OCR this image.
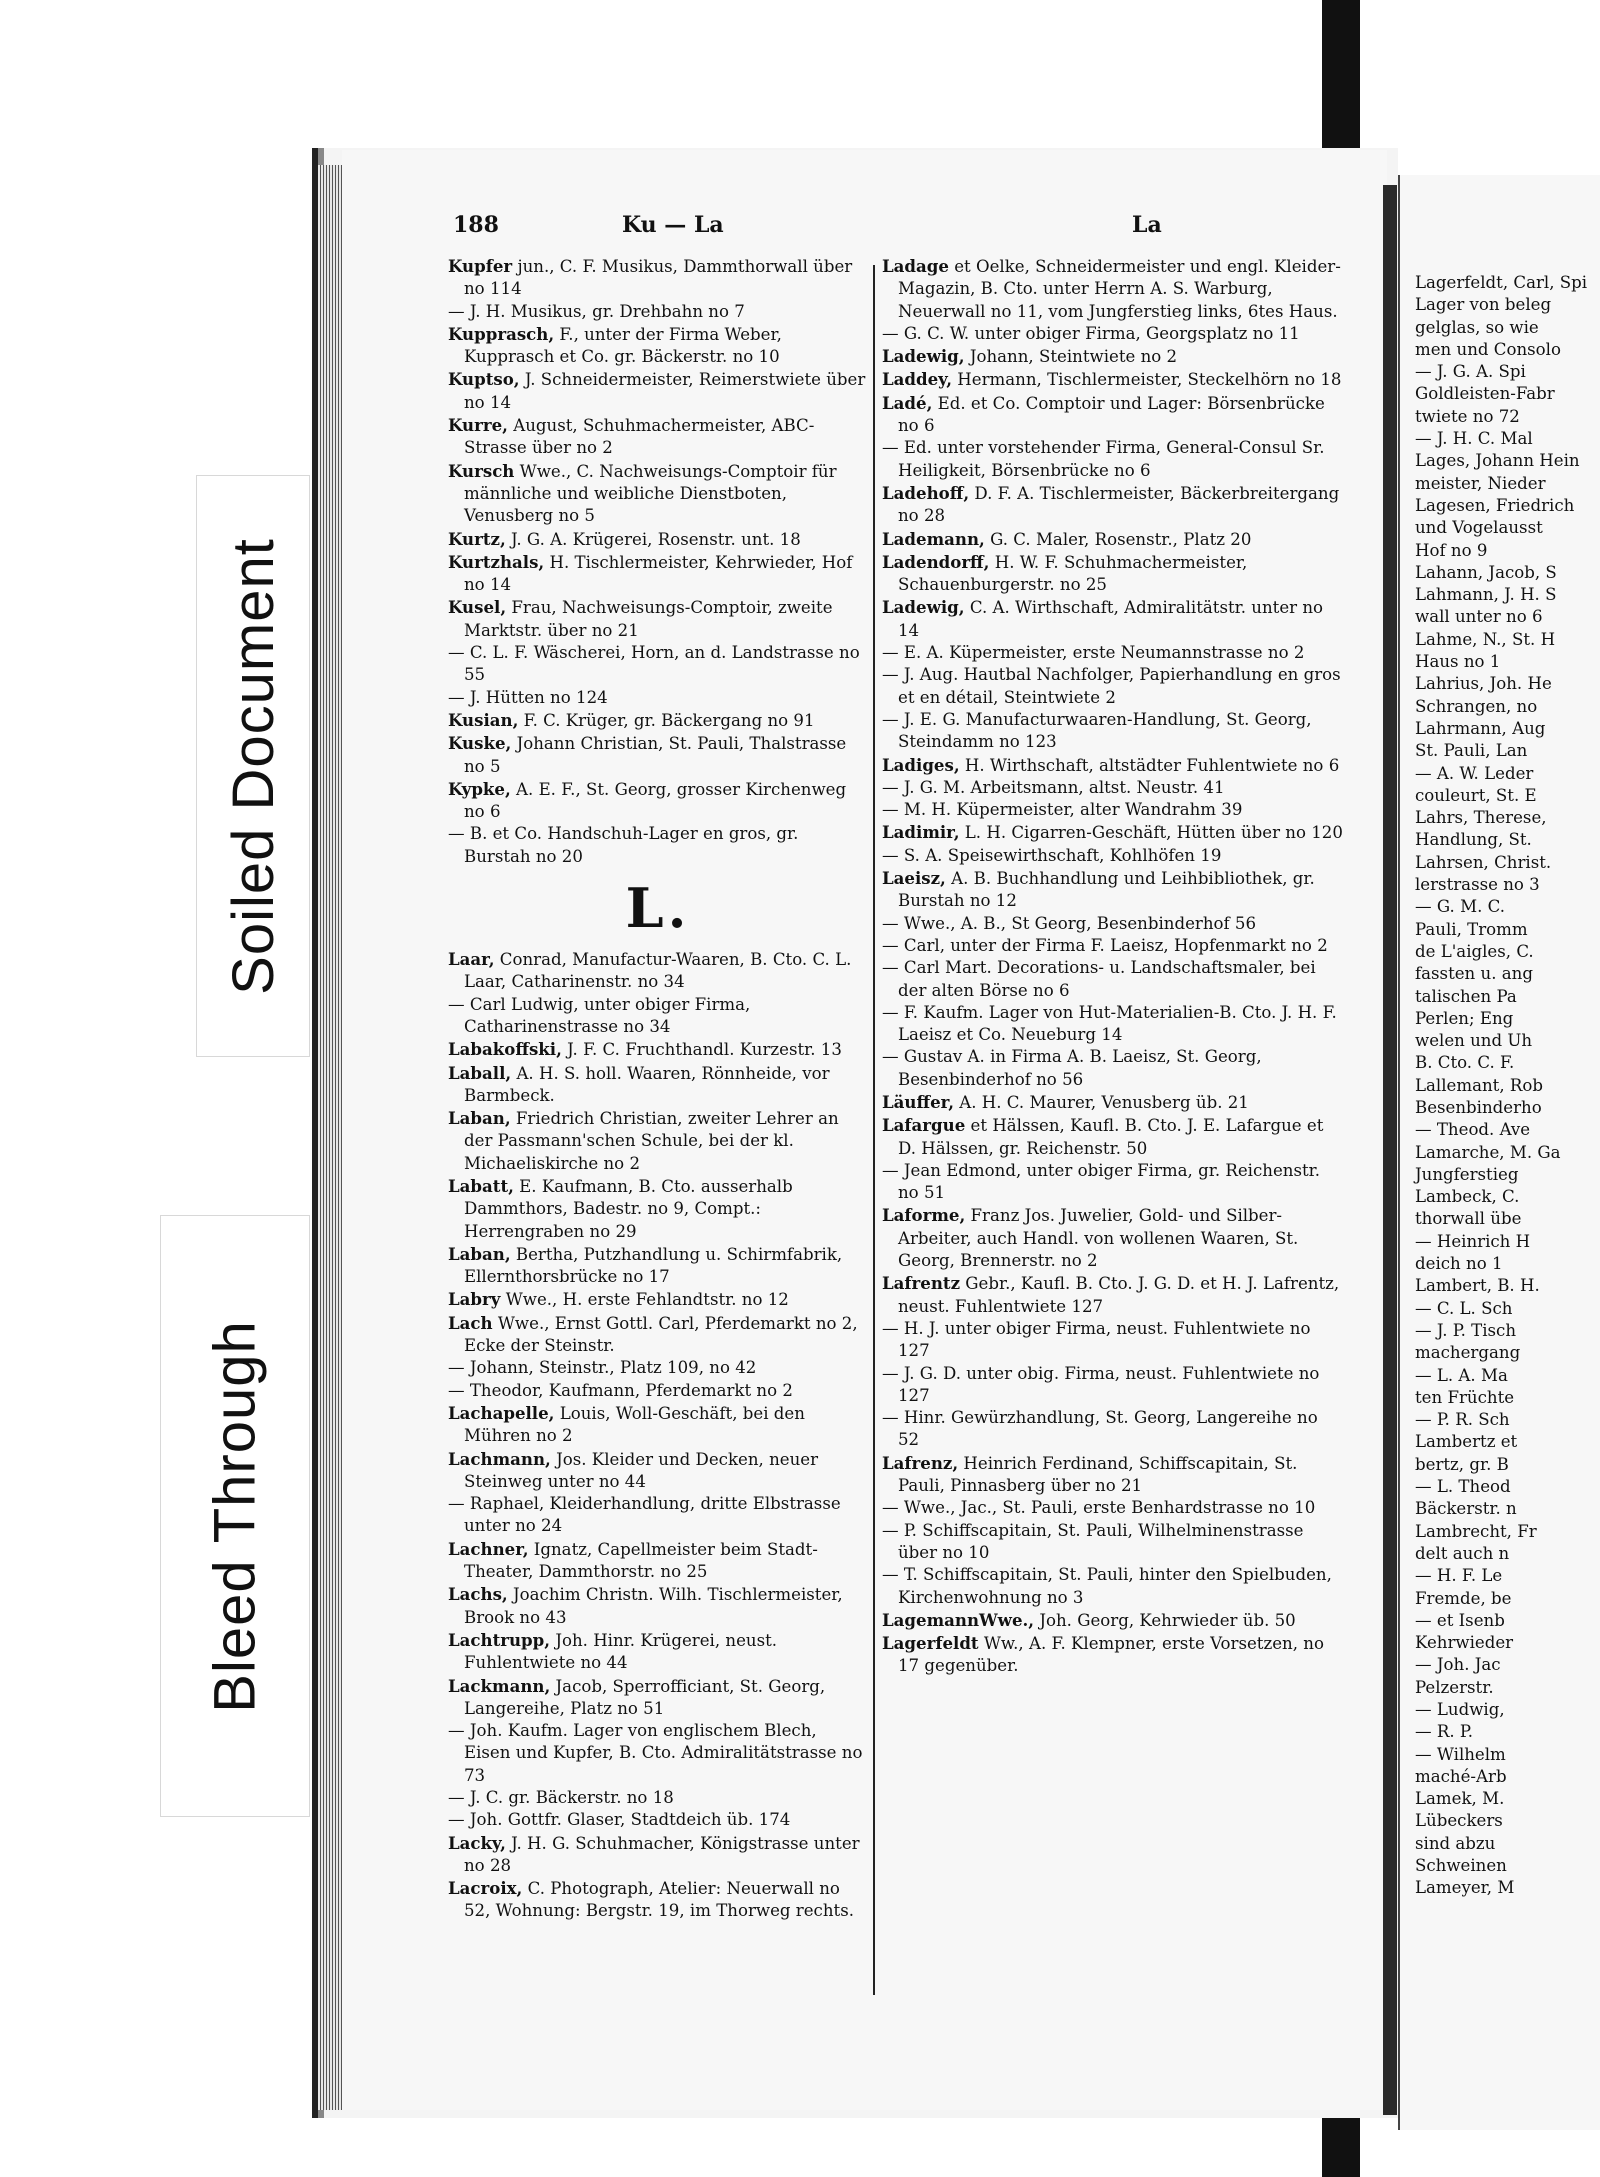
Soiled Document
Bleed Through
188	Ku — La	La
Kupfer jun., C. F. Musikus, Dammthorwall über no 114
— J. H. Musikus, gr. Drehbahn no 7
Kupprasch, F., unter der Firma Weber, Kupprasch et Co. gr. Bäckerstr. no 10
Kuptso, J. Schneidermeister, Reimerstwiete über no 14
Kurre, August, Schuhmachermeister, ABC-Strasse über no 2
Kursch Wwe., C. Nachweisungs-Comptoir für männliche und weibliche Dienstboten, Venusberg no 5
Kurtz, J. G. A. Krügerei, Rosenstr. unt. 18
Kurtzhals, H. Tischlermeister, Kehrwieder, Hof no 14
Kusel, Frau, Nachweisungs-Comptoir, zweite Marktstr. über no 21
— C. L. F. Wäscherei, Horn, an d. Landstrasse no 55
— J. Hütten no 124
Kusian, F. C. Krüger, gr. Bäckergang no 91
Kuske, Johann Christian, St. Pauli, Thalstrasse no 5
Kypke, A. E. F., St. Georg, grosser Kirchenweg no 6
— B. et Co. Handschuh-Lager en gros, gr. Burstah no 20
L.
Laar, Conrad, Manufactur-Waaren, B. Cto. C. L. Laar, Catharinenstr. no 34
— Carl Ludwig, unter obiger Firma, Catharinenstrasse no 34
Labakoffski, J. F. C. Fruchthandl. Kurzestr. 13
Laball, A. H. S. holl. Waaren, Rönnheide, vor Barmbeck.
Laban, Friedrich Christian, zweiter Lehrer an der Passmann'schen Schule, bei der kl. Michaeliskirche no 2
Labatt, E. Kaufmann, B. Cto. ausserhalb Dammthors, Badestr. no 9, Compt.: Herrengraben no 29
Laban, Bertha, Putzhandlung u. Schirmfabrik, Ellernthorsbrücke no 17
Labry Wwe., H. erste Fehlandtstr. no 12
Lach Wwe., Ernst Gottl. Carl, Pferdemarkt no 2, Ecke der Steinstr.
— Johann, Steinstr., Platz 109, no 42
— Theodor, Kaufmann, Pferdemarkt no 2
Lachapelle, Louis, Woll-Geschäft, bei den Mühren no 2
Lachmann, Jos. Kleider und Decken, neuer Steinweg unter no 44
— Raphael, Kleiderhandlung, dritte Elbstrasse unter no 24
Lachner, Ignatz, Capellmeister beim Stadt-Theater, Dammthorstr. no 25
Lachs, Joachim Christn. Wilh. Tischlermeister, Brook no 43
Lachtrupp, Joh. Hinr. Krügerei, neust. Fuhlentwiete no 44
Lackmann, Jacob, Sperrofficiant, St. Georg, Langereihe, Platz no 51
— Joh. Kaufm. Lager von englischem Blech, Eisen und Kupfer, B. Cto. Admiralitätstrasse no 73
— J. C. gr. Bäckerstr. no 18
— Joh. Gottfr. Glaser, Stadtdeich üb. 174
Lacky, J. H. G. Schuhmacher, Königstrasse unter no 28
Lacroix, C. Photograph, Atelier: Neuerwall no 52, Wohnung: Bergstr. 19, im Thorweg rechts.
Ladage et Oelke, Schneidermeister und engl. Kleider-Magazin, B. Cto. unter Herrn A. S. Warburg, Neuerwall no 11, vom Jungferstieg links, 6tes Haus.
— G. C. W. unter obiger Firma, Georgsplatz no 11
Ladewig, Johann, Steintwiete no 2
Laddey, Hermann, Tischlermeister, Steckelhörn no 18
Ladé, Ed. et Co. Comptoir und Lager: Börsenbrücke no 6
— Ed. unter vorstehender Firma, General-Consul Sr. Heiligkeit, Börsenbrücke no 6
Ladehoff, D. F. A. Tischlermeister, Bäckerbreitergang no 28
Lademann, G. C. Maler, Rosenstr., Platz 20
Ladendorff, H. W. F. Schuhmachermeister, Schauenburgerstr. no 25
Ladewig, C. A. Wirthschaft, Admiralitätstr. unter no 14
— E. A. Küpermeister, erste Neumannstrasse no 2
— J. Aug. Hautbal Nachfolger, Papierhandlung en gros et en détail, Steintwiete 2
— J. E. G. Manufacturwaaren-Handlung, St. Georg, Steindamm no 123
Ladiges, H. Wirthschaft, altstädter Fuhlentwiete no 6
— J. G. M. Arbeitsmann, altst. Neustr. 41
— M. H. Küpermeister, alter Wandrahm 39
Ladimir, L. H. Cigarren-Geschäft, Hütten über no 120
— S. A. Speisewirthschaft, Kohlhöfen 19
Laeisz, A. B. Buchhandlung und Leihbibliothek, gr. Burstah no 12
— Wwe., A. B., St Georg, Besenbinderhof 56
— Carl, unter der Firma F. Laeisz, Hopfenmarkt no 2
— Carl Mart. Decorations- u. Landschaftsmaler, bei der alten Börse no 6
— F. Kaufm. Lager von Hut-Materialien-B. Cto. J. H. F. Laeisz et Co. Neueburg 14
— Gustav A. in Firma A. B. Laeisz, St. Georg, Besenbinderhof no 56
Läuffer, A. H. C. Maurer, Venusberg üb. 21
Lafargue et Hälssen, Kaufl. B. Cto. J. E. Lafargue et D. Hälssen, gr. Reichenstr. 50
— Jean Edmond, unter obiger Firma, gr. Reichenstr. no 51
Laforme, Franz Jos. Juwelier, Gold- und Silber-Arbeiter, auch Handl. von wollenen Waaren, St. Georg, Brennerstr. no 2
Lafrentz Gebr., Kaufl. B. Cto. J. G. D. et H. J. Lafrentz, neust. Fuhlentwiete 127
— H. J. unter obiger Firma, neust. Fuhlentwiete no 127
— J. G. D. unter obig. Firma, neust. Fuhlentwiete no 127
— Hinr. Gewürzhandlung, St. Georg, Langereihe no 52
Lafrenz, Heinrich Ferdinand, Schiffscapitain, St. Pauli, Pinnasberg über no 21
— Wwe., Jac., St. Pauli, erste Benhardstrasse no 10
— P. Schiffscapitain, St. Pauli, Wilhelminenstrasse über no 10
— T. Schiffscapitain, St. Pauli, hinter den Spielbuden, Kirchenwohnung no 3
LagemannWwe., Joh. Georg, Kehrwieder üb. 50
Lagerfeldt Ww., A. F. Klempner, erste Vorsetzen, no 17 gegenüber.
Lagerfeldt, Carl, Spi
Lager von beleg
gelglas, so wie
men und Consolo
— J. G. A. Spi
Goldleisten-Fabr
twiete no 72
— J. H. C. Mal
Lages, Johann Hein
meister, Nieder
Lagesen, Friedrich
und Vogelausst
Hof no 9
Lahann, Jacob, S
Lahmann, J. H. S
wall unter no 6
Lahme, N., St. H
Haus no 1
Lahrius, Joh. He
Schrangen, no
Lahrmann, Aug
St. Pauli, Lan
— A. W. Leder
couleurt, St. E
Lahrs, Therese,
Handlung, St.
Lahrsen, Christ.
lerstrasse no 3
— G. M. C.
Pauli, Tromm
de L'aigles, C.
fassten u. ang
talischen Pa
Perlen; Eng
welen und Uh
B. Cto. C. F.
Lallemant, Rob
Besenbinderho
— Theod. Ave
Lamarche, M. Ga
Jungferstieg
Lambeck, C.
thorwall übe
— Heinrich H
deich no 1
Lambert, B. H.
— C. L. Sch
— J. P. Tisch
machergang
— L. A. Ma
ten Früchte
— P. R. Sch
Lambertz et
bertz, gr. B
— L. Theod
Bäckerstr. n
Lambrecht, Fr
delt auch n
— H. F. Le
Fremde, be
— et Isenb
Kehrwieder
— Joh. Jac
Pelzerstr.
— Ludwig,
— R. P.
— Wilhelm
maché-Arb
Lamek, M.
Lübeckers
sind abzu
Schweinen
Lameyer, M
